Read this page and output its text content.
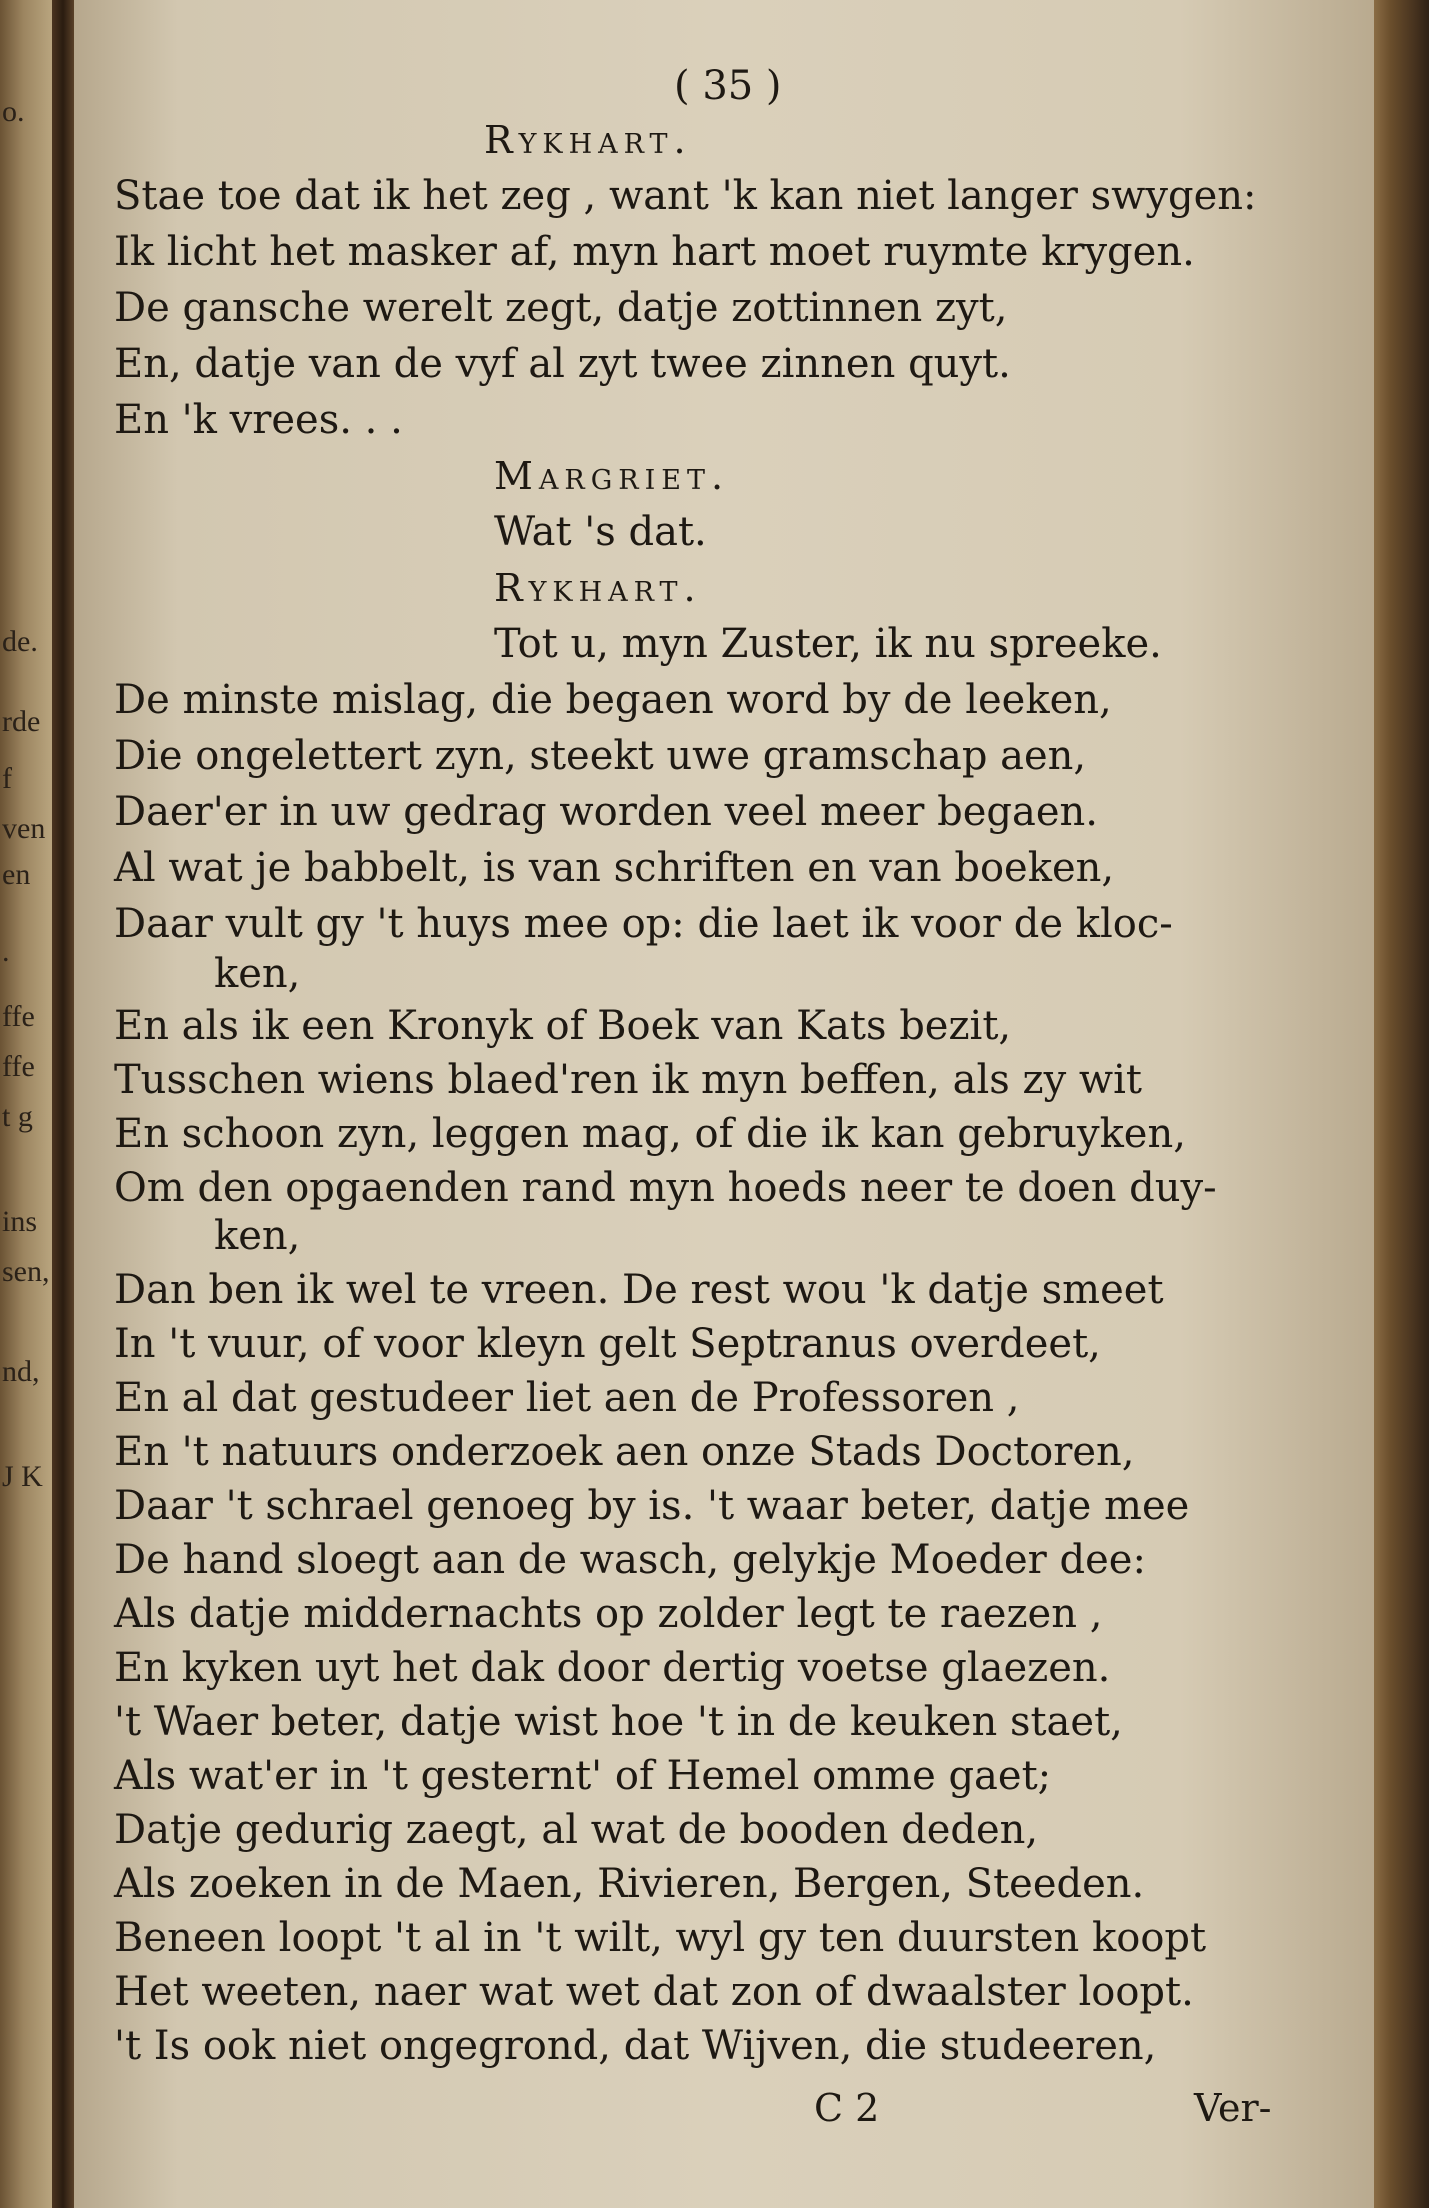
o.
de.
rde
f
ven
en
.
ffe
ffe
t g
ins
sen,
nd,
J K
( 35 )
Rykhart.
Stae toe dat ik het zeg , want 'k kan niet langer swygen:
Ik licht het masker af, myn hart moet ruymte krygen.
De gansche werelt zegt, datje zottinnen zyt,
En, datje van de vyf al zyt twee zinnen quyt.
En 'k vrees. . .
Margriet.
Wat 's dat.
Rykhart.
Tot u, myn Zuster, ik nu spreeke.
De minste mislag, die begaen word by de leeken,
Die ongelettert zyn, steekt uwe gramschap aen,
Daer'er in uw gedrag worden veel meer begaen.
Al wat je babbelt, is van schriften en van boeken,
Daar vult gy 't huys mee op: die laet ik voor de kloc-
ken,
En als ik een Kronyk of Boek van Kats bezit,
Tusschen wiens blaed'ren ik myn beffen, als zy wit
En schoon zyn, leggen mag, of die ik kan gebruyken,
Om den opgaenden rand myn hoeds neer te doen duy-
ken,
Dan ben ik wel te vreen. De rest wou 'k datje smeet
In 't vuur, of voor kleyn gelt Septranus overdeet,
En al dat gestudeer liet aen de Professoren ,
En 't natuurs onderzoek aen onze Stads Doctoren,
Daar 't schrael genoeg by is. 't waar beter, datje mee
De hand sloegt aan de wasch, gelykje Moeder dee:
Als datje middernachts op zolder legt te raezen ,
En kyken uyt het dak door dertig voetse glaezen.
't Waer beter, datje wist hoe 't in de keuken staet,
Als wat'er in 't gesternt' of Hemel omme gaet;
Datje gedurig zaegt, al wat de booden deden,
Als zoeken in de Maen, Rivieren, Bergen, Steeden.
Beneen loopt 't al in 't wilt, wyl gy ten duursten koopt
Het weeten, naer wat wet dat zon of dwaalster loopt.
't Is ook niet ongegrond, dat Wijven, die studeeren,
C 2	Ver-
